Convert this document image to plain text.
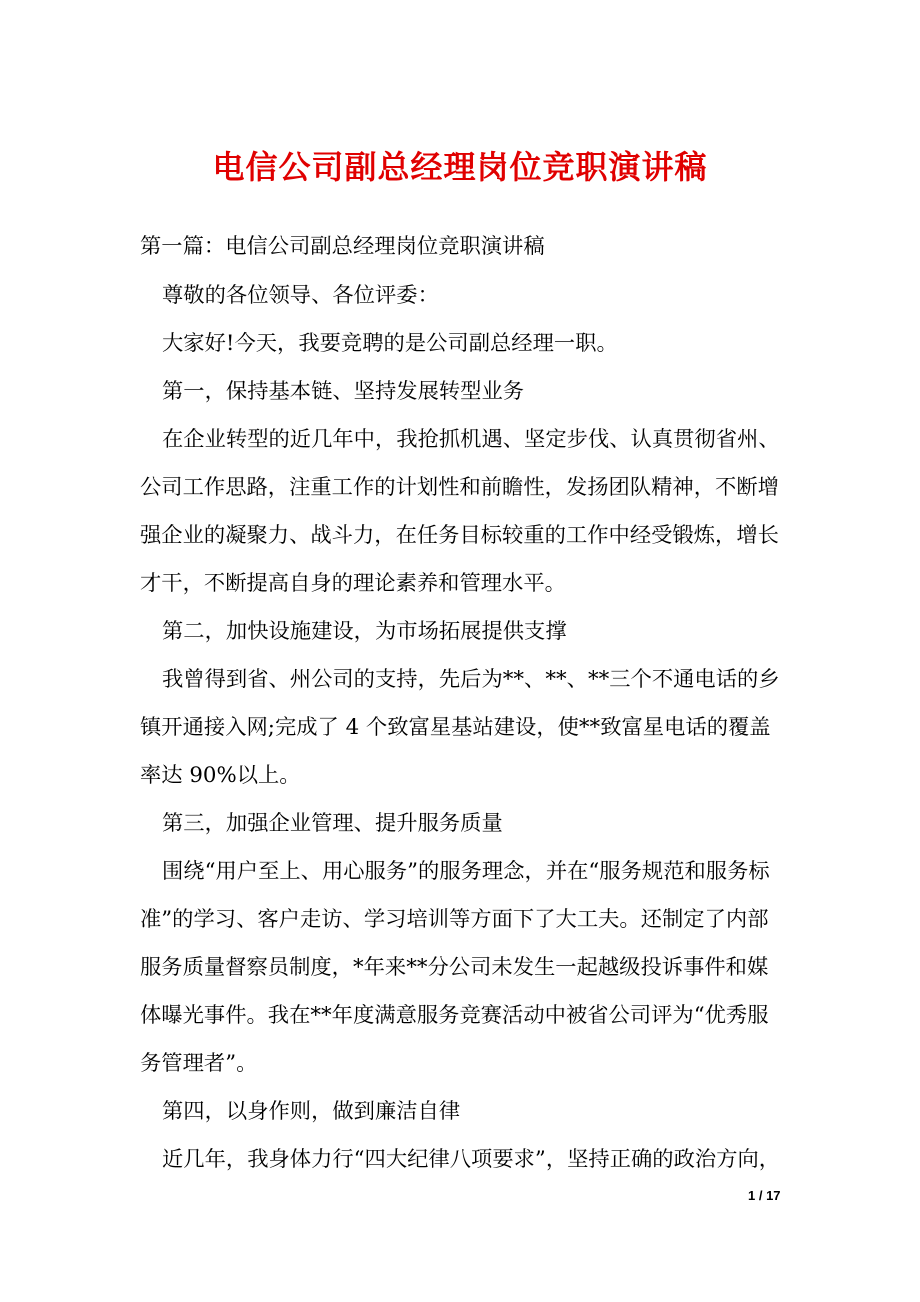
电信公司副总经理岗位竞职演讲稿
第一篇：电信公司副总经理岗位竞职演讲稿
尊敬的各位领导、各位评委：
大家好!今天，我要竞聘的是公司副总经理一职。
第一，保持基本链、坚持发展转型业务
在企业转型的近几年中，我抢抓机遇、坚定步伐、认真贯彻省州、
公司工作思路，注重工作的计划性和前瞻性，发扬团队精神，不断增
强企业的凝聚力、战斗力，在任务目标较重的工作中经受锻炼，增长
才干，不断提高自身的理论素养和管理水平。
第二，加快设施建设，为市场拓展提供支撑
我曾得到省、州公司的支持，先后为**、**、**三个不通电话的乡
镇开通接入网;完成了 4 个致富星基站建设，使**致富星电话的覆盖
率达 90%以上。
第三，加强企业管理、提升服务质量
围绕“用户至上、用心服务”的服务理念，并在“服务规范和服务标
准”的学习、客户走访、学习培训等方面下了大工夫。还制定了内部
服务质量督察员制度，*年来**分公司未发生一起越级投诉事件和媒
体曝光事件。我在**年度满意服务竞赛活动中被省公司评为“优秀服
务管理者”。
第四，以身作则，做到廉洁自律
近几年，我身体力行“四大纪律八项要求”，坚持正确的政治方向，
1 / 17
